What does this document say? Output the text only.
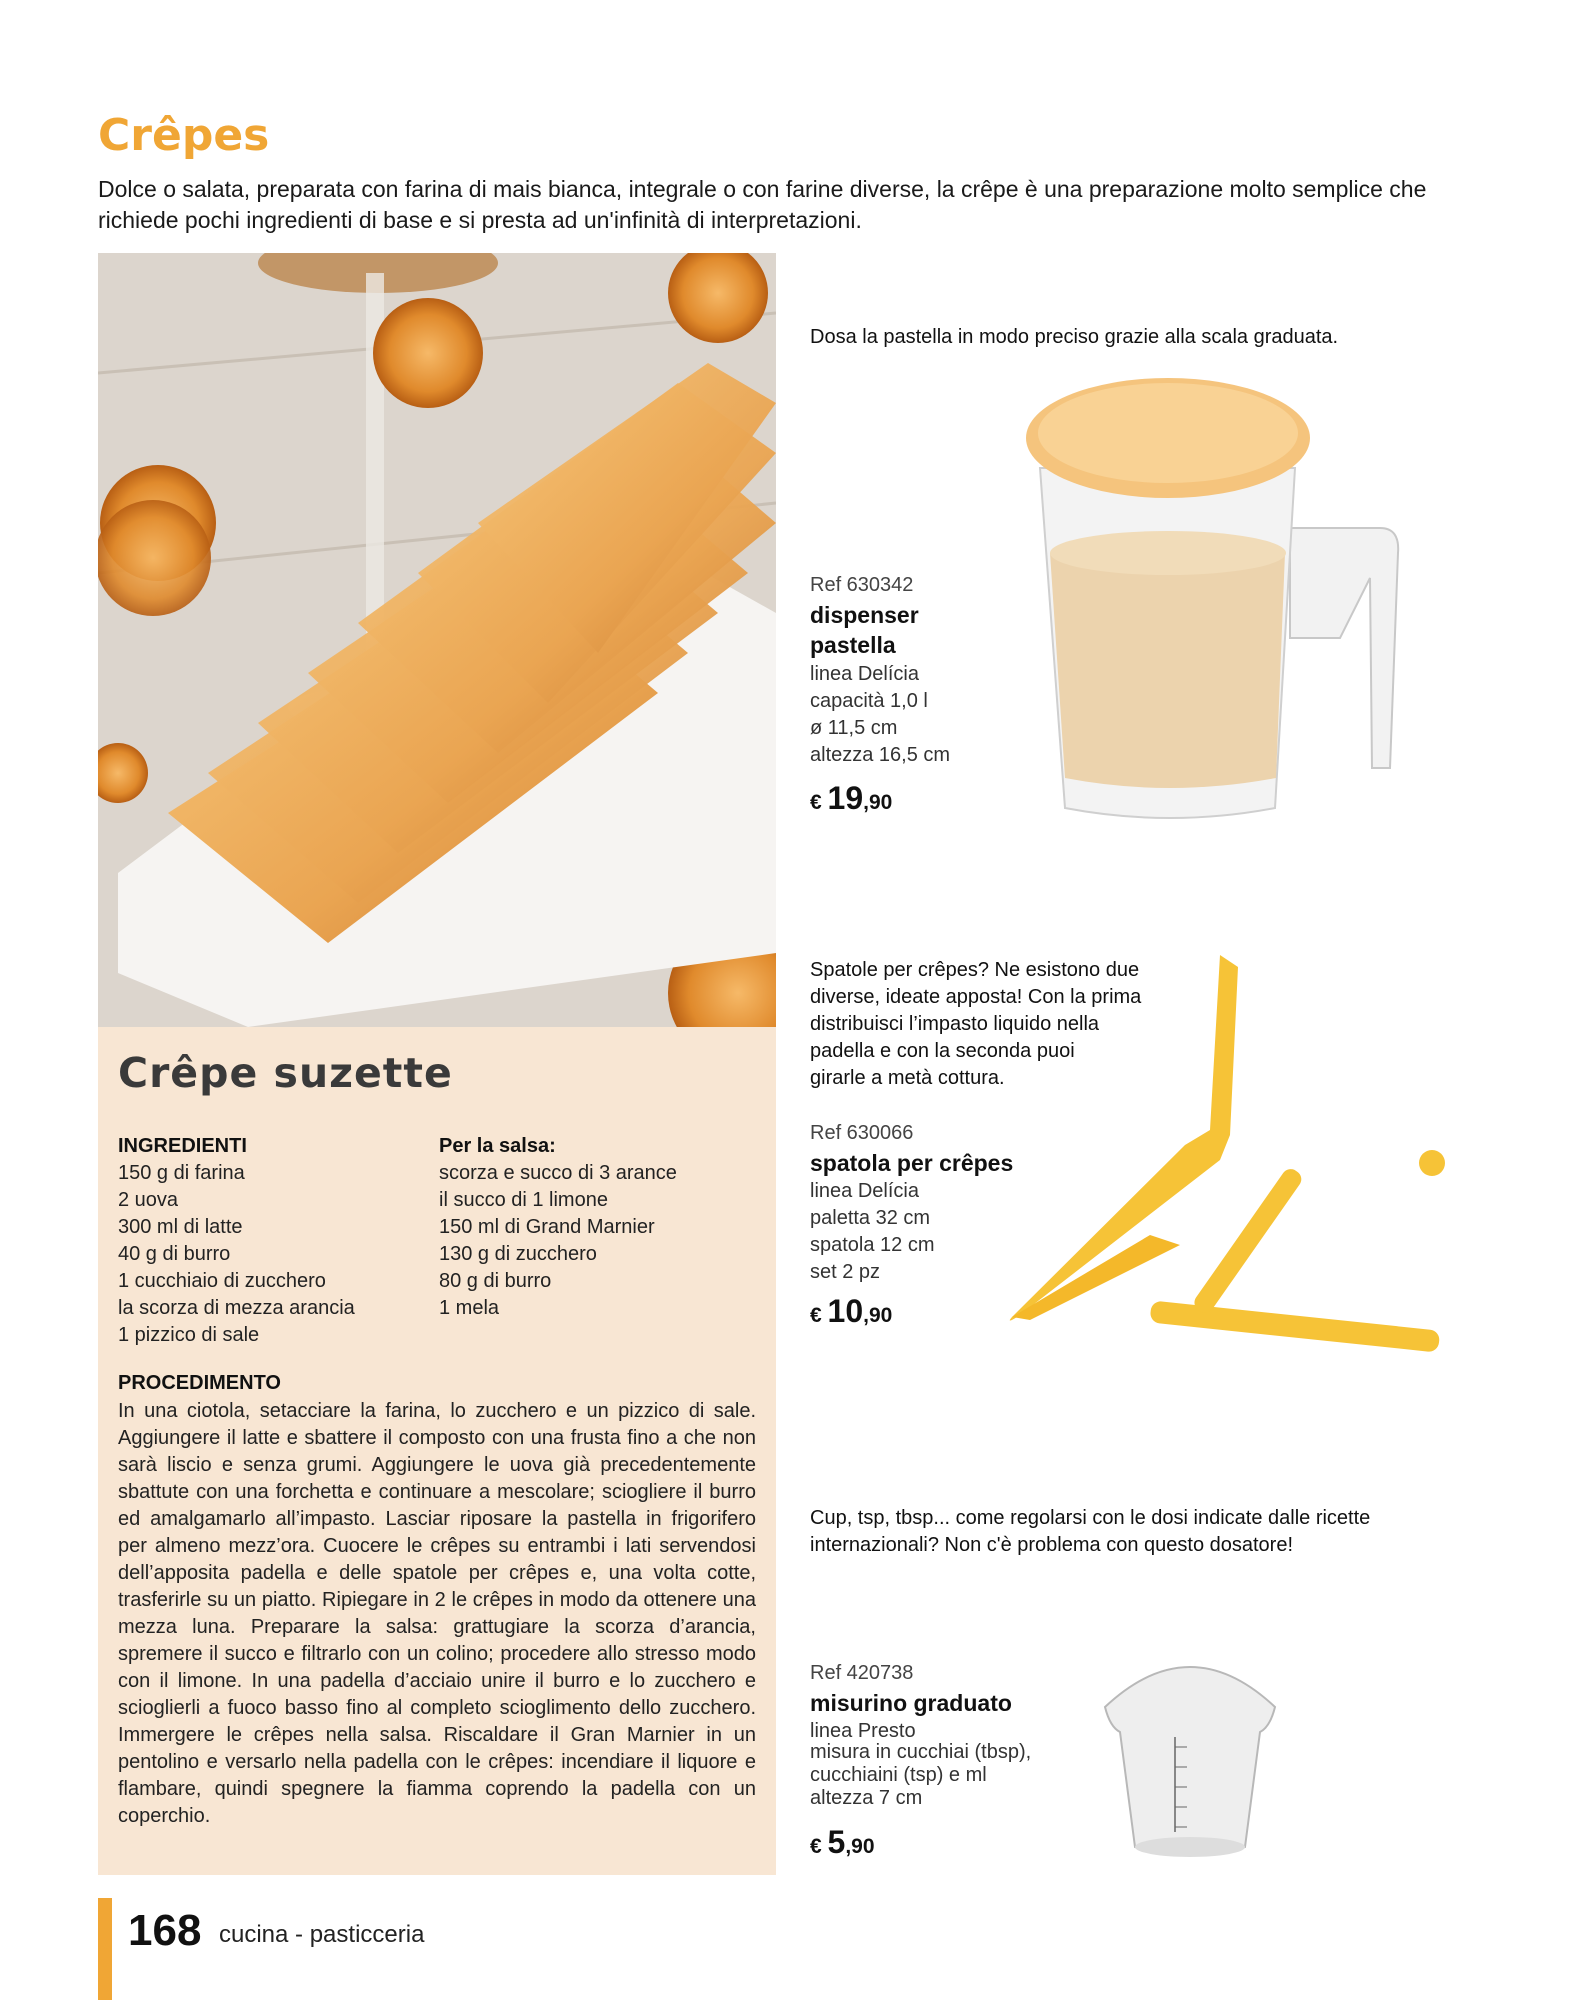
Crêpes

Dolce o salata, preparata con farina di mais bianca, integrale o con farine diverse, la crêpe è una preparazione molto semplice che richiede pochi ingredienti di base e si presta ad un'infinità di interpretazioni.

Crêpe suzette
INGREDIENTI
150 g di farina
2 uova
300 ml di latte
40 g di burro
1 cucchiaio di zucchero
la scorza di mezza arancia
1 pizzico di sale
Per la salsa:
scorza e succo di 3 arance
il succo di 1 limone
150 ml di Grand Marnier
130 g di zucchero
80 g di burro
1 mela
PROCEDIMENTO

In una ciotola, setacciare la farina, lo zucchero e un pizzico di sale. Aggiungere il latte e sbattere il composto con una frusta fino a che non sarà liscio e senza grumi. Aggiungere le uova già precedentemente sbattute con una forchetta e continuare a mescolare; sciogliere il burro ed amalgamarlo all’impasto. Lasciar riposare la pastella in frigorifero per almeno mezz’ora. Cuocere le crêpes su entrambi i lati servendosi dell’apposita padella e delle spatole per crêpes e, una volta cotte, trasferirle su un piatto. Ripiegare in 2 le crêpes in modo da ottenere una mezza luna. Preparare la salsa: grattugiare la scorza d’arancia, spremere il succo e filtrarlo con un colino; procedere allo stresso modo con il limone. In una padella d’acciaio unire il burro e lo zucchero e scioglierli a fuoco basso fino al completo scioglimento dello zucchero. Immergere le crêpes nella salsa. Riscaldare il Gran Marnier in un pentolino e versarlo nella padella con le crêpes: incendiare il liquore e flambare, quindi spegnere la fiamma coprendo la padella con un coperchio.

168 cucina - pasticceria

Dosa la pastella in modo preciso grazie alla scala graduata.

Ref 630342
dispenser
pastella
linea Delícia
capacità 1,0 l
ø 11,5 cm
altezza 16,5 cm
€ 19,90
Spatole per crêpes? Ne esistono due
diverse, ideate apposta! Con la prima
distribuisci l’impasto liquido nella
padella e con la seconda puoi
girarle a metà cottura.
Ref 630066
spatola per crêpes
linea Delícia
paletta 32 cm
spatola 12 cm
set 2 pz
€ 10,90
Cup, tsp, tbsp... come regolarsi con le dosi indicate dalle ricette
internazionali? Non c'è problema con questo dosatore!
Ref 420738
misurino graduato
linea Presto
misura in cucchiai (tbsp),
cucchiaini (tsp) e ml
altezza 7 cm
€ 5,90
